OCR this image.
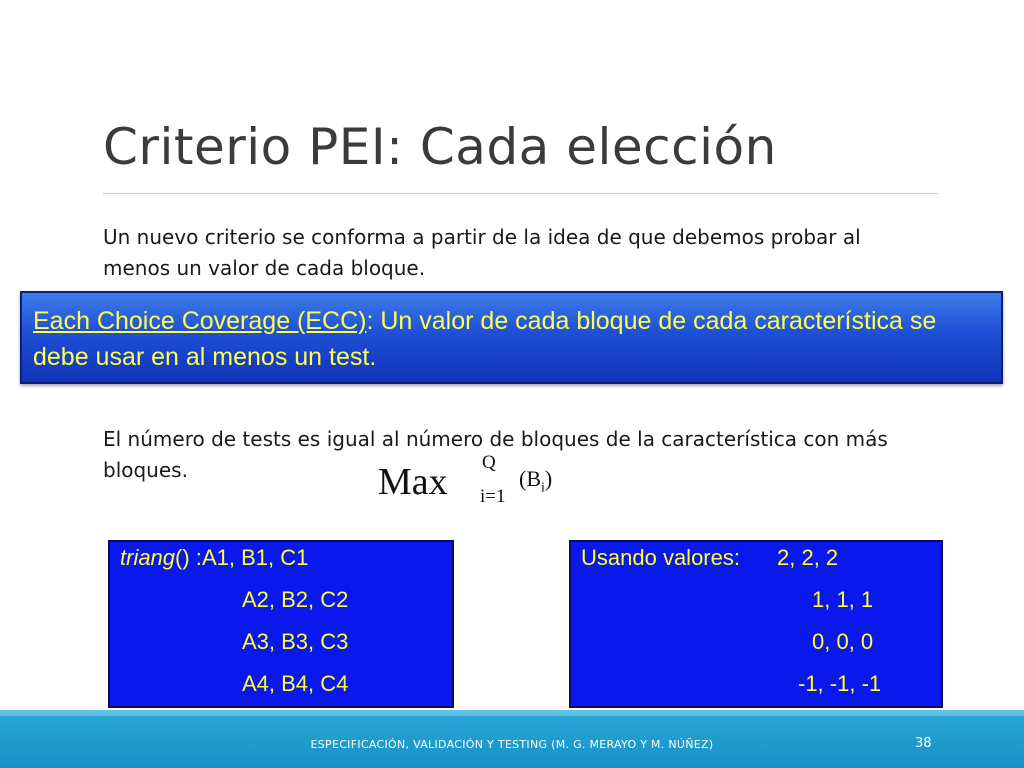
Criterio PEI: Cada elección
Un nuevo criterio se conforma a partir de la idea de que debemos probar al menos un valor de cada bloque.
Each Choice Coverage (ECC): Un valor de cada bloque de cada característica se debe usar en al menos un test.
El número de tests es igual al número de bloques de la característica con más bloques.	Max Q
i=1
$(B_i)$
triang() :A1, B1, C1
A2, B2, C2
A3, B3, C3
A4, B4, C4
Usando valores: 2, 2, 2
1, 1, 1
0, 0, 0
-1, -1, -1
ESPECIFICACIÓN, VALIDACIÓN Y TESTING (M. G. MERAYO Y M. NÚÑEZ)	38
